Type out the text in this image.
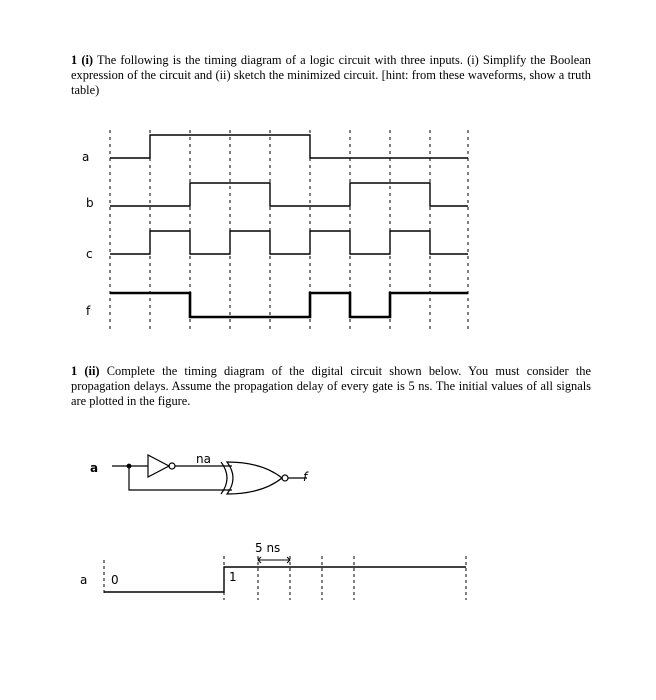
1 (i) The following is the timing diagram of a logic circuit with three inputs. (i) Simplify the Boolean expression of the circuit and (ii) sketch the minimized circuit. [hint: from these waveforms, show a truth table)
a
b
c
f
a
na
f
5 ns
a 0	1
1 (ii) Complete the timing diagram of the digital circuit shown below. You must consider the propagation delays. Assume the propagation delay of every gate is 5 ns. The initial values of all signals are plotted in the figure.
